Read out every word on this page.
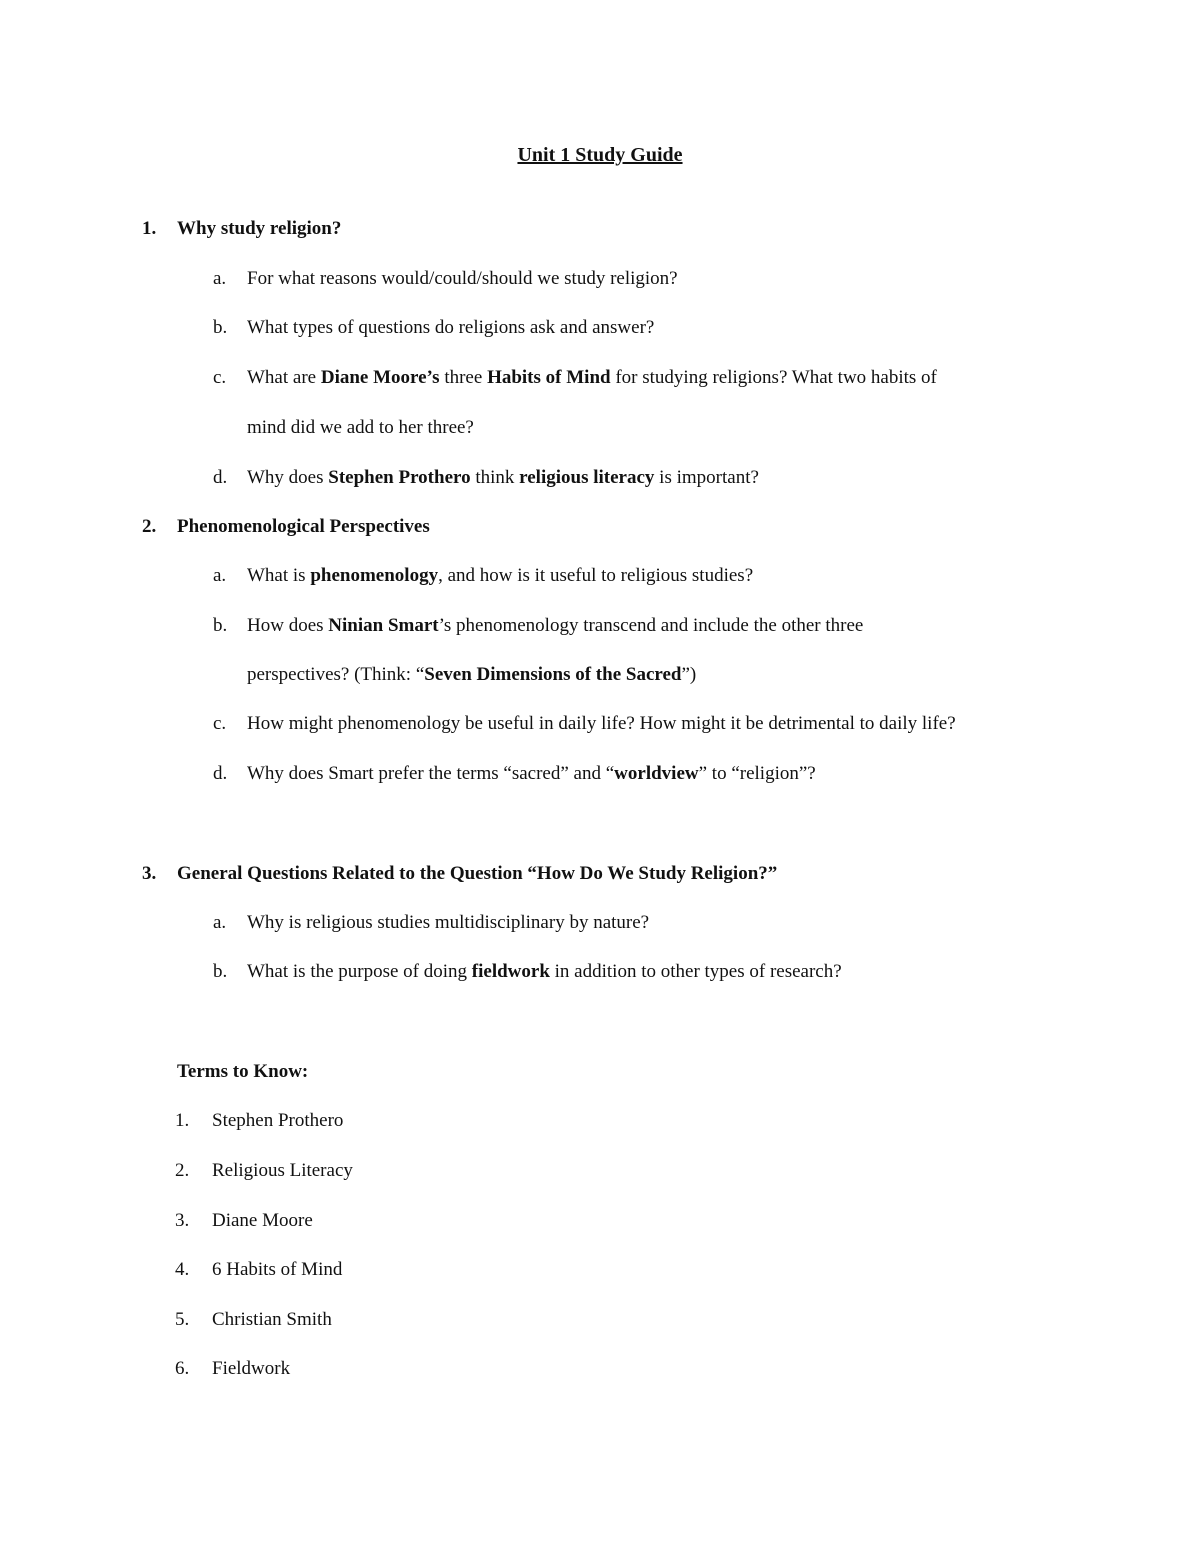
Unit 1 Study Guide
1. Why study religion?
a. For what reasons would/could/should we study religion?
b. What types of questions do religions ask and answer?
c. What are Diane Moore’s three Habits of Mind for studying religions? What two habits of
mind did we add to her three?
d. Why does Stephen Prothero think religious literacy is important?
2. Phenomenological Perspectives
a. What is phenomenology, and how is it useful to religious studies?
b. How does Ninian Smart’s phenomenology transcend and include the other three
perspectives? (Think: “Seven Dimensions of the Sacred”)
c. How might phenomenology be useful in daily life? How might it be detrimental to daily life?
d. Why does Smart prefer the terms “sacred” and “worldview” to “religion”?
3. General Questions Related to the Question “How Do We Study Religion?”
a. Why is religious studies multidisciplinary by nature?
b. What is the purpose of doing fieldwork in addition to other types of research?
Terms to Know:
1. Stephen Prothero
2. Religious Literacy
3. Diane Moore
4. 6 Habits of Mind
5. Christian Smith
6. Fieldwork
